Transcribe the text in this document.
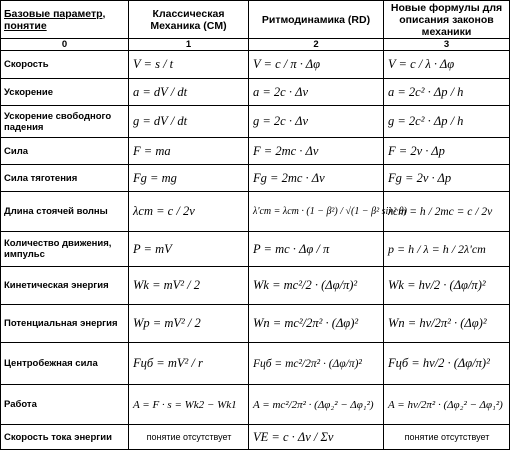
Базовые параметр, понятие	Классическая Механика (CM)	Ритмодинамика (RD)	Новые формулы для описания законов механики
0	1	2	3
Скорость	V = s / t	V = c / π · Δφ	V = c / λ · Δφ
Ускорение	a = dV / dt	a = 2c · Δν	a = 2c² · Δp / h
Ускорение свободного падения	g = dV / dt	g = 2c · Δν	g = 2c² · Δp / h
Сила	F = ma	F = 2mc · Δν	F = 2ν · Δp
Сила тяготения	Fg = mg	Fg = 2mc · Δν	Fg = 2ν · Δp
Длина стоячей волны	λст = c / 2ν	λ'ст = λст · (1 − β²) / √(1 − β² sin² θ)	λст = h / 2mc = c / 2ν
Количество движения, импульс	P = mV	P = mc · Δφ / π	p = h / λ = h / 2λ'ст
Кинетическая энергия	Wk = mV² / 2	Wk = mc²/2 · (Δφ/π)²	Wk = hν/2 · (Δφ/π)²
Потенциальная энергия	Wp = mV² / 2	Wn = mc²/2π² · (Δφ)²	Wn = hν/2π² · (Δφ)²
Центробежная сила	Fцб = mV² / r	Fцб = mc²/2π² · (Δφ/π)²	Fцб = hν/2 · (Δφ/π)²
Работа	A = F · s = Wk2 − Wk1	A = mc²/2π² · (Δφ₂² − Δφ₁²)	A = hν/2π² · (Δφ₂² − Δφ₁²)
Скорость тока энергии	понятие отсутствует	VE = c · Δν / Σν	понятие отсутствует
